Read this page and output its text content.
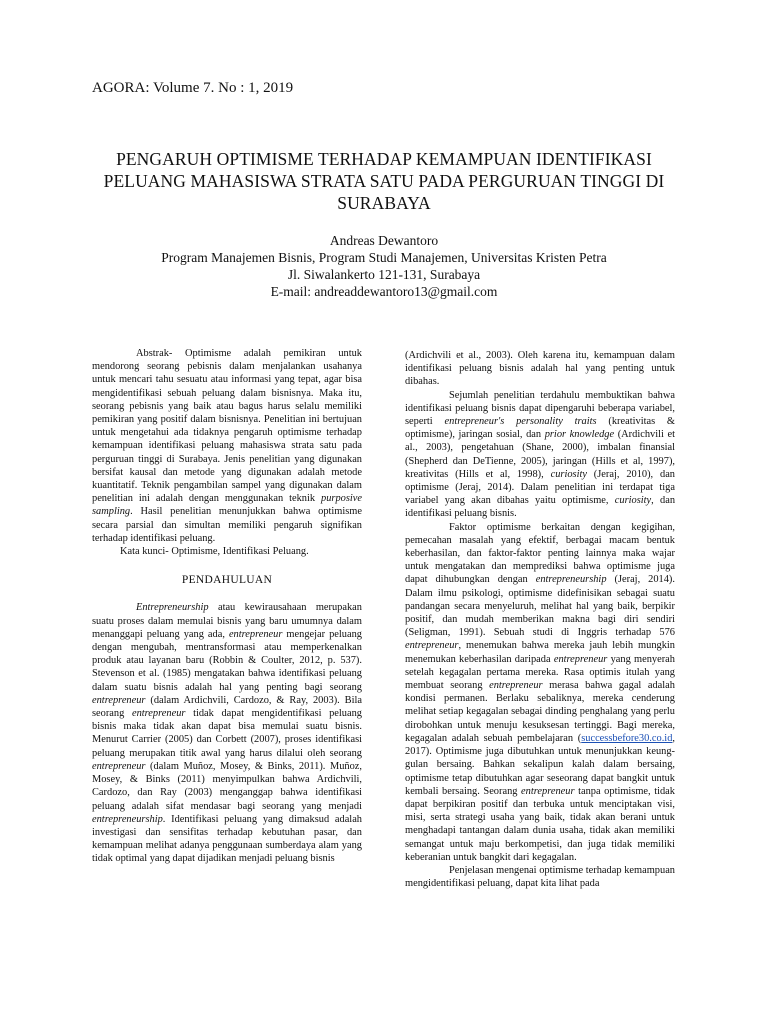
AGORA: Volume 7. No : 1, 2019
PENGARUH OPTIMISME TERHADAP KEMAMPUAN IDENTIFIKASI
PELUANG MAHASISWA STRATA SATU PADA PERGURUAN TINGGI DI
SURABAYA
Andreas Dewantoro
Program Manajemen Bisnis, Program Studi Manajemen, Universitas Kristen Petra
Jl. Siwalankerto 121-131, Surabaya
E-mail: andreaddewantoro13@gmail.com

Abstrak- Optimisme adalah pemikiran untuk mendorong seorang pebisnis dalam menjalankan usahanya untuk mencari tahu sesuatu atau informasi yang tepat, agar bisa mengidentifikasi sebuah peluang dalam bisnisnya. Maka itu, seorang pebisnis yang baik atau bagus harus selalu memiliki pemikiran yang positif dalam bisnisnya. Penelitian ini bertujuan untuk mengetahui ada tidaknya pengaruh optimisme terhadap kemampuan identifikasi peluang mahasiswa strata satu pada perguruan tinggi di Surabaya. Jenis penelitian yang digunakan bersifat kausal dan metode yang digunakan adalah metode kuantitatif. Teknik pengambilan sampel yang digunakan dalam penelitian ini adalah dengan menggunakan teknik purposive sampling. Hasil penelitian menunjukkan bahwa optimisme secara parsial dan simultan memiliki pengaruh signifikan terhadap identifikasi peluang.

Kata kunci- Optimisme, Identifikasi Peluang.

PENDAHULUAN

Entrepreneurship atau kewirausahaan merupakan suatu proses dalam memulai bisnis yang baru umumnya dalam menanggapi peluang yang ada, entrepreneur mengejar peluang dengan mengubah, mentransformasi atau memperkenalkan produk atau layanan baru (Robbin & Coulter, 2012, p. 537). Stevenson et al. (1985) mengatakan bahwa identifikasi peluang dalam suatu bisnis adalah hal yang penting bagi seorang entrepreneur (dalam Ardichvili, Cardozo, & Ray, 2003). Bila seorang entrepreneur tidak dapat mengidentifikasi peluang bisnis maka tidak akan dapat bisa memulai suatu bisnis. Menurut Carrier (2005) dan Corbett (2007), proses identifikasi peluang merupakan titik awal yang harus dilalui oleh seorang entrepreneur (dalam Muñoz, Mosey, & Binks, 2011). Muñoz, Mosey, & Binks (2011) menyimpulkan bahwa Ardichvili, Cardozo, dan Ray (2003) menganggap bahwa identifikasi peluang adalah sifat mendasar bagi seorang yang menjadi entrepreneurship. Identifikasi peluang yang dimaksud adalah investigasi dan sensifitas terhadap kebutuhan pasar, dan kemampuan melihat adanya penggunaan sumberdaya alam yang tidak optimal yang dapat dijadikan menjadi peluang bisnis

(Ardichvili et al., 2003). Oleh karena itu, kemampuan dalam identifikasi peluang bisnis adalah hal yang penting untuk dibahas.

Sejumlah penelitian terdahulu membuktikan bahwa identifikasi peluang bisnis dapat dipengaruhi beberapa variabel, seperti entrepreneur's personality traits (kreativitas & optimisme), jaringan sosial, dan prior knowledge (Ardichvili et al., 2003), pengetahuan (Shane, 2000), imbalan finansial (Shepherd dan DeTienne, 2005), jaringan (Hills et al, 1997), kreativitas (Hills et al, 1998), curiosity (Jeraj, 2010), dan optimisme (Jeraj, 2014). Dalam penelitian ini terdapat tiga variabel yang akan dibahas yaitu optimisme, curiosity, dan identifikasi peluang bisnis.

Faktor optimisme berkaitan dengan kegigihan, pemecahan masalah yang efektif, berbagai macam bentuk keberhasilan, dan faktor-faktor penting lainnya maka wajar untuk mengatakan dan memprediksi bahwa optimisme juga dapat dihubungkan dengan entrepreneurship (Jeraj, 2014). Dalam ilmu psikologi, optimisme didefinisikan sebagai suatu pandangan secara menyeluruh, melihat hal yang baik, berpikir positif, dan mudah memberikan makna bagi diri sendiri (Seligman, 1991). Sebuah studi di Inggris terhadap 576 entrepreneur, menemukan bahwa mereka jauh lebih mungkin menemukan keberhasilan daripada entrepreneur yang menyerah setelah kegagalan pertama mereka. Rasa optimis itulah yang membuat seorang entrepreneur merasa bahwa gagal adalah kondisi permanen. Berlaku sebaliknya, mereka cenderung melihat setiap kegagalan sebagai dinding penghalang yang perlu dirobohkan untuk menuju kesuksesan tertinggi. Bagi mereka, kegagalan adalah sebuah pembelajaran (successbefore30.co.id, 2017). Optimisme juga dibutuhkan untuk menunjukkan keunggulan bersaing. Bahkan sekalipun kalah dalam bersaing, optimisme tetap dibutuhkan agar seseorang dapat bangkit untuk kembali bersaing. Seorang entrepreneur tanpa optimisme, tidak dapat berpikiran positif dan terbuka untuk menciptakan visi, misi, serta strategi usaha yang baik, tidak akan berani untuk menghadapi tantangan dalam dunia usaha, tidak akan memiliki semangat untuk maju berkompetisi, dan juga tidak memiliki keberanian untuk bangkit dari kegagalan.

Penjelasan mengenai optimisme terhadap kemampuan mengidentifikasi peluang, dapat kita lihat pada
